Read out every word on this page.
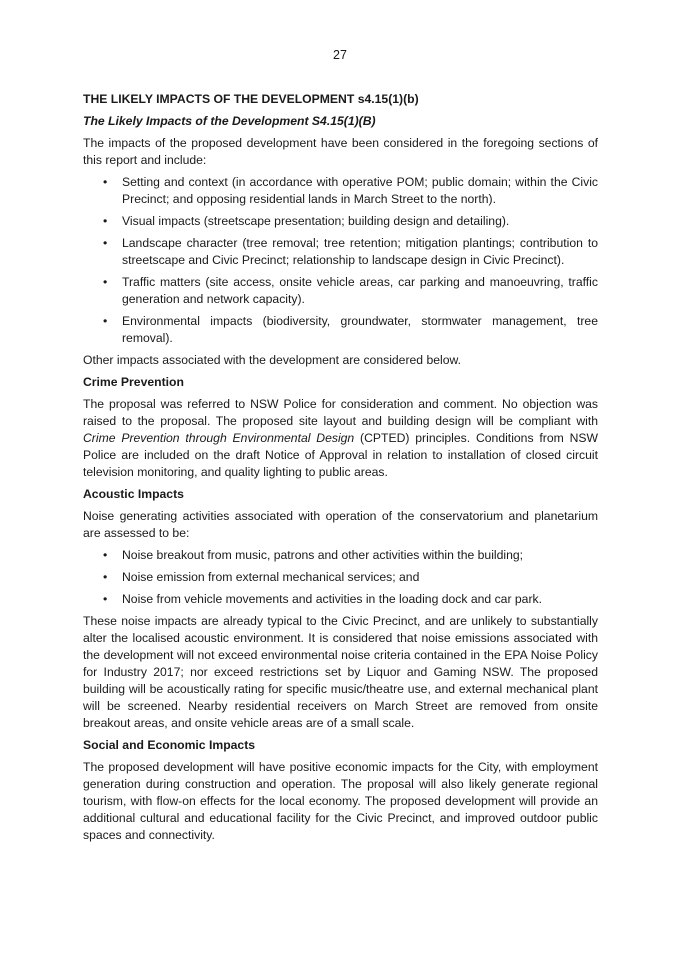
27
THE LIKELY IMPACTS OF THE DEVELOPMENT s4.15(1)(b)
The Likely Impacts of the Development S4.15(1)(B)

The impacts of the proposed development have been considered in the foregoing sections of this report and include:

• Setting and context (in accordance with operative POM; public domain; within the Civic Precinct; and opposing residential lands in March Street to the north).
• Visual impacts (streetscape presentation; building design and detailing).
• Landscape character (tree removal; tree retention; mitigation plantings; contribution to streetscape and Civic Precinct; relationship to landscape design in Civic Precinct).
• Traffic matters (site access, onsite vehicle areas, car parking and manoeuvring, traffic generation and network capacity).
• Environmental impacts (biodiversity, groundwater, stormwater management, tree removal).

Other impacts associated with the development are considered below.

Crime Prevention

The proposal was referred to NSW Police for consideration and comment. No objection was raised to the proposal. The proposed site layout and building design will be compliant with Crime Prevention through Environmental Design (CPTED) principles. Conditions from NSW Police are included on the draft Notice of Approval in relation to installation of closed circuit television monitoring, and quality lighting to public areas.

Acoustic Impacts

Noise generating activities associated with operation of the conservatorium and planetarium are assessed to be:

• Noise breakout from music, patrons and other activities within the building;
• Noise emission from external mechanical services; and
• Noise from vehicle movements and activities in the loading dock and car park.

These noise impacts are already typical to the Civic Precinct, and are unlikely to substantially alter the localised acoustic environment. It is considered that noise emissions associated with the development will not exceed environmental noise criteria contained in the EPA Noise Policy for Industry 2017; nor exceed restrictions set by Liquor and Gaming NSW. The proposed building will be acoustically rating for specific music/theatre use, and external mechanical plant will be screened. Nearby residential receivers on March Street are removed from onsite breakout areas, and onsite vehicle areas are of a small scale.

Social and Economic Impacts

The proposed development will have positive economic impacts for the City, with employment generation during construction and operation. The proposal will also likely generate regional tourism, with flow-on effects for the local economy. The proposed development will provide an additional cultural and educational facility for the Civic Precinct, and improved outdoor public spaces and connectivity.
